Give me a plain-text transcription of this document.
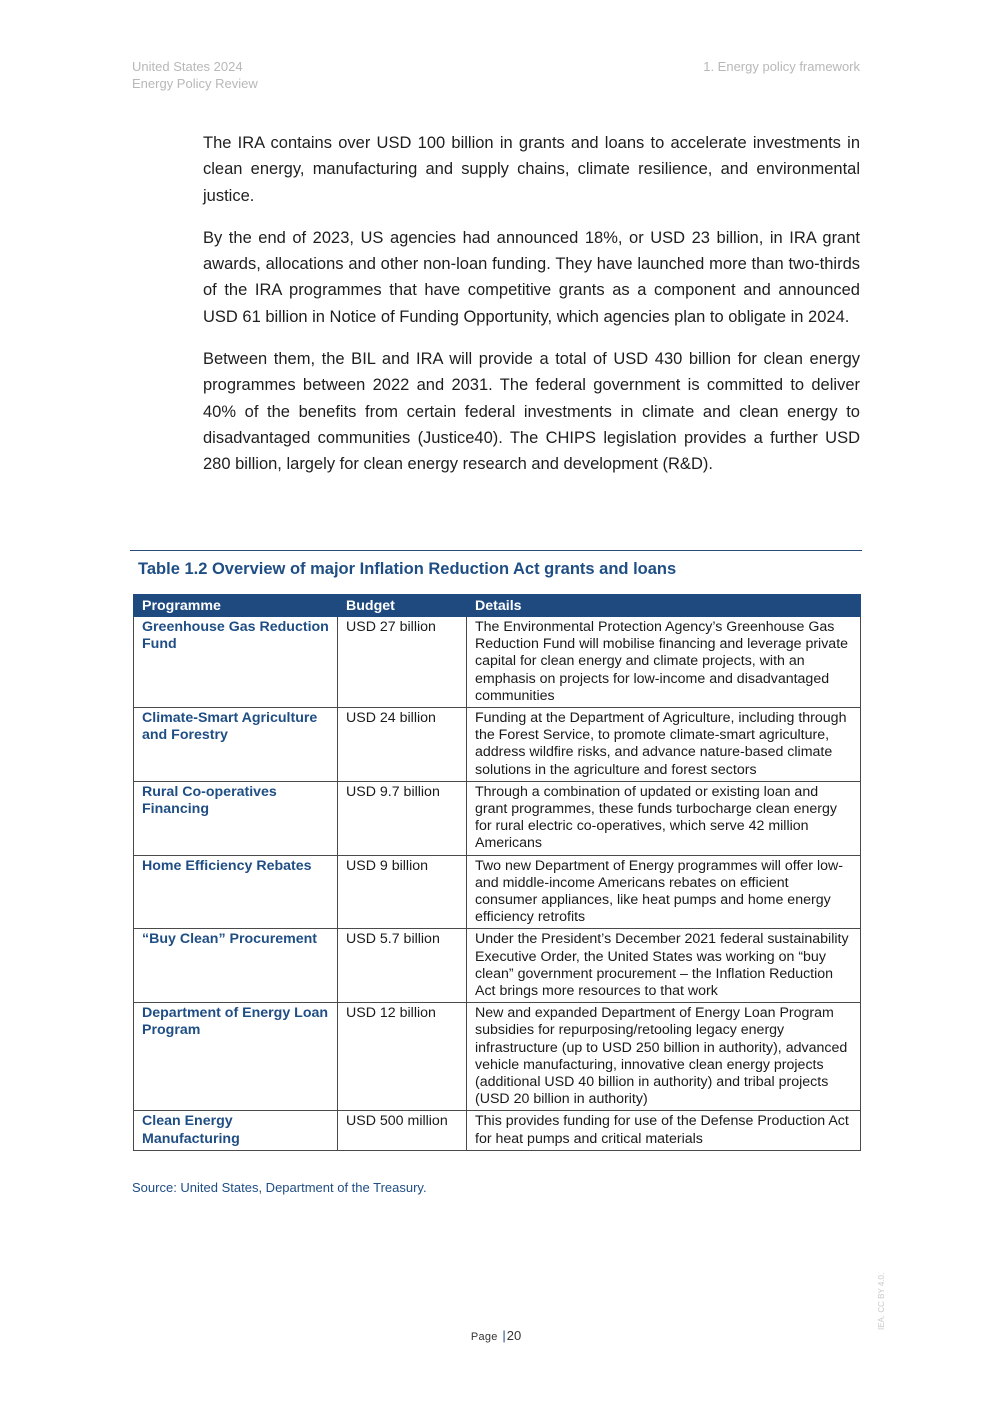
United States 2024
Energy Policy Review
1. Energy policy framework

The IRA contains over USD 100 billion in grants and loans to accelerate investments in clean energy, manufacturing and supply chains, climate resilience, and environmental justice.

By the end of 2023, US agencies had announced 18%, or USD 23 billion, in IRA grant awards, allocations and other non-loan funding. They have launched more than two-thirds of the IRA programmes that have competitive grants as a component and announced USD 61 billion in Notice of Funding Opportunity, which agencies plan to obligate in 2024.

Between them, the BIL and IRA will provide a total of USD 430 billion for clean energy programmes between 2022 and 2031. The federal government is committed to deliver 40% of the benefits from certain federal investments in climate and clean energy to disadvantaged communities (Justice40). The CHIPS legislation provides a further USD 280 billion, largely for clean energy research and development (R&D).

Table 1.2 Overview of major Inflation Reduction Act grants and loans
Programme	Budget	Details
Greenhouse Gas Reduction Fund	USD 27 billion	The Environmental Protection Agency’s Greenhouse Gas Reduction Fund will mobilise financing and leverage private capital for clean energy and climate projects, with an emphasis on projects for low-income and disadvantaged communities
Climate-Smart Agriculture and Forestry	USD 24 billion	Funding at the Department of Agriculture, including through the Forest Service, to promote climate-smart agriculture, address wildfire risks, and advance nature-based climate solutions in the agriculture and forest sectors
Rural Co-operatives Financing	USD 9.7 billion	Through a combination of updated or existing loan and grant programmes, these funds turbocharge clean energy for rural electric co-operatives, which serve 42 million Americans
Home Efficiency Rebates	USD 9 billion	Two new Department of Energy programmes will offer low- and middle-income Americans rebates on efficient consumer appliances, like heat pumps and home energy efficiency retrofits
“Buy Clean” Procurement	USD 5.7 billion	Under the President’s December 2021 federal sustainability Executive Order, the United States was working on “buy clean” government procurement – the Inflation Reduction Act brings more resources to that work
Department of Energy Loan Program	USD 12 billion	New and expanded Department of Energy Loan Program subsidies for repurposing/retooling legacy energy infrastructure (up to USD 250 billion in authority), advanced vehicle manufacturing, innovative clean energy projects (additional USD 40 billion in authority) and tribal projects (USD 20 billion in authority)
Clean Energy Manufacturing	USD 500 million	This provides funding for use of the Defense Production Act for heat pumps and critical materials
Source: United States, Department of the Treasury.
Page |20
IEA. CC BY 4.0.
